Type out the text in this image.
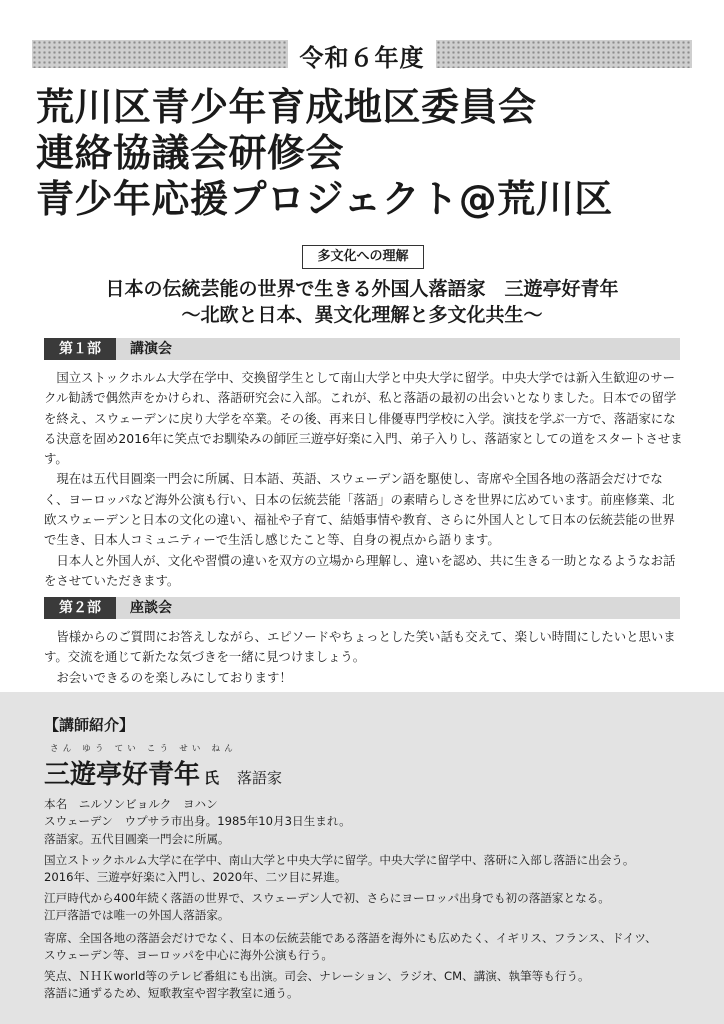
令和６年度
荒川区青少年育成地区委員会
連絡協議会研修会
青少年応援プロジェクト@荒川区
多文化への理解
日本の伝統芸能の世界で生きる外国人落語家　三遊亭好青年
〜北欧と日本、異文化理解と多文化共生〜
第１部	講演会

国立ストックホルム大学在学中、交換留学生として南山大学と中央大学に留学。中央大学では新入生歓迎のサークル勧誘で偶然声をかけられ、落語研究会に入部。これが、私と落語の最初の出会いとなりました。日本での留学を終え、スウェーデンに戻り大学を卒業。その後、再来日し俳優専門学校に入学。演技を学ぶ一方で、落語家になる決意を固め2016年に笑点でお馴染みの師匠三遊亭好楽に入門、弟子入りし、落語家としての道をスタートさせます。

現在は五代目圓楽一門会に所属、日本語、英語、スウェーデン語を駆使し、寄席や全国各地の落語会だけでなく、ヨーロッパなど海外公演も行い、日本の伝統芸能「落語」の素晴らしさを世界に広めています。前座修業、北欧スウェーデンと日本の文化の違い、福祉や子育て、結婚事情や教育、さらに外国人として日本の伝統芸能の世界で生き、日本人コミュニティーで生活し感じたこと等、自身の視点から語ります。

日本人と外国人が、文化や習慣の違いを双方の立場から理解し、違いを認め、共に生きる一助となるようなお話をさせていただきます。

第２部	座談会

皆様からのご質問にお答えしながら、エピソードやちょっとした笑い話も交えて、楽しい時間にしたいと思います。交流を通じて新たな気づきを一緒に見つけましょう。

お会いできるのを楽しみにしております！

【講師紹介】
さん ゆう てい こう せい ねん
三遊亭好青年 氏 落語家
本名　ニルソンビョルク　ヨハン
スウェーデン　ウプサラ市出身。1985年10月3日生まれ。
落語家。五代目圓楽一門会に所属。
国立ストックホルム大学に在学中、南山大学と中央大学に留学。中央大学に留学中、落研に入部し落語に出会う。
2016年、三遊亭好楽に入門し、2020年、二ツ目に昇進。
江戸時代から400年続く落語の世界で、スウェーデン人で初、さらにヨーロッパ出身でも初の落語家となる。
江戸落語では唯一の外国人落語家。
寄席、全国各地の落語会だけでなく、日本の伝統芸能である落語を海外にも広めたく、イギリス、フランス、ドイツ、
スウェーデン等、ヨーロッパを中心に海外公演も行う。
笑点、ＮＨＫworld等のテレビ番組にも出演。司会、ナレーション、ラジオ、CM、講演、執筆等も行う。
落語に通ずるため、短歌教室や習字教室に通う。
